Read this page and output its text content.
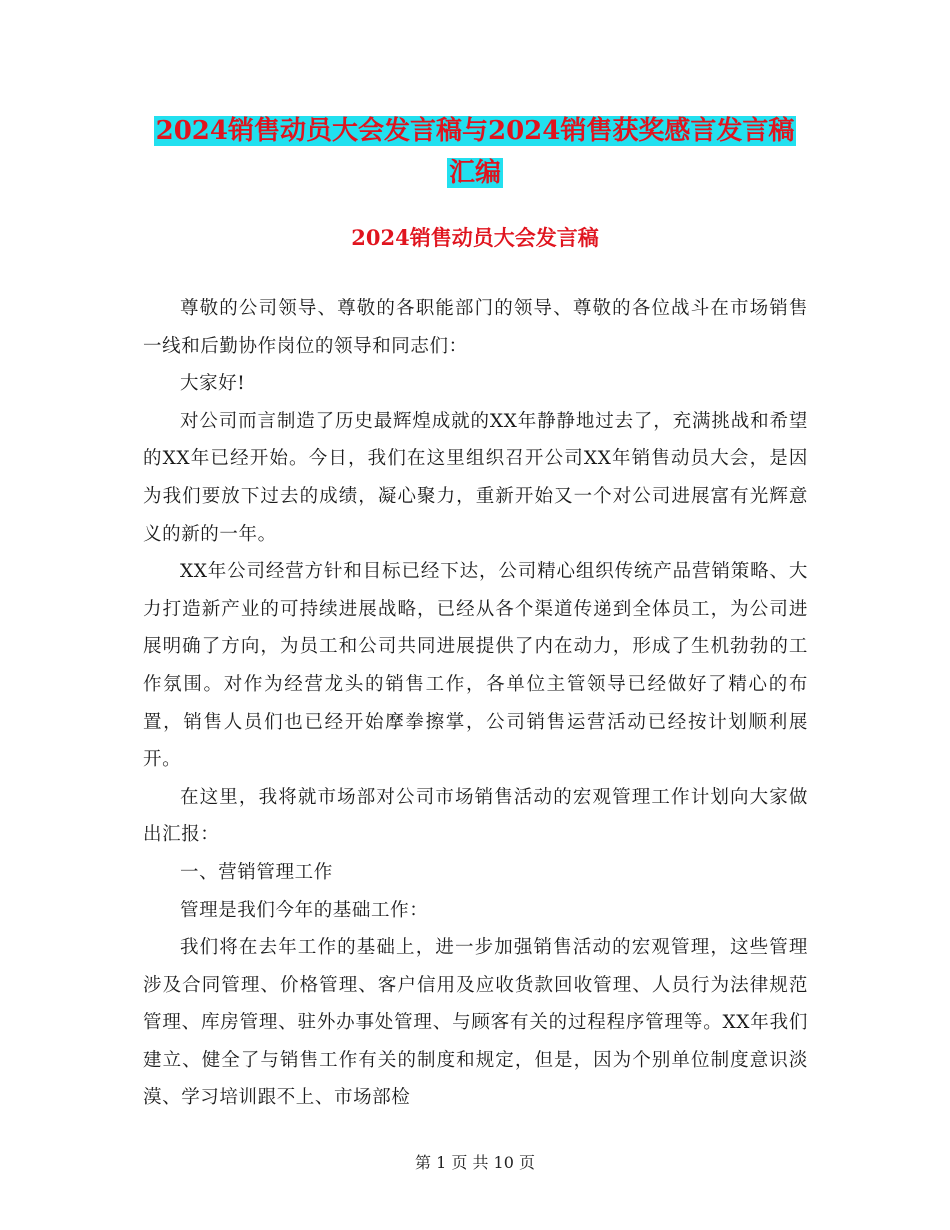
2024销售动员大会发言稿与2024销售获奖感言发言稿
汇编
2024销售动员大会发言稿

尊敬的公司领导、尊敬的各职能部门的领导、尊敬的各位战斗在市场销售一线和后勤协作岗位的领导和同志们：

大家好!

对公司而言制造了历史最辉煌成就的XX年静静地过去了，充满挑战和希望的XX年已经开始。今日，我们在这里组织召开公司XX年销售动员大会，是因为我们要放下过去的成绩，凝心聚力，重新开始又一个对公司进展富有光辉意义的新的一年。

XX年公司经营方针和目标已经下达，公司精心组织传统产品营销策略、大力打造新产业的可持续进展战略，已经从各个渠道传递到全体员工，为公司进展明确了方向，为员工和公司共同进展提供了内在动力，形成了生机勃勃的工作氛围。对作为经营龙头的销售工作，各单位主管领导已经做好了精心的布置，销售人员们也已经开始摩拳擦掌，公司销售运营活动已经按计划顺利展开。

在这里，我将就市场部对公司市场销售活动的宏观管理工作计划向大家做出汇报：

一、营销管理工作

管理是我们今年的基础工作：

我们将在去年工作的基础上，进一步加强销售活动的宏观管理，这些管理涉及合同管理、价格管理、客户信用及应收货款回收管理、人员行为法律规范管理、库房管理、驻外办事处管理、与顾客有关的过程程序管理等。XX年我们建立、健全了与销售工作有关的制度和规定，但是，因为个别单位制度意识淡漠、学习培训跟不上、市场部检

第 1 页 共 10 页
